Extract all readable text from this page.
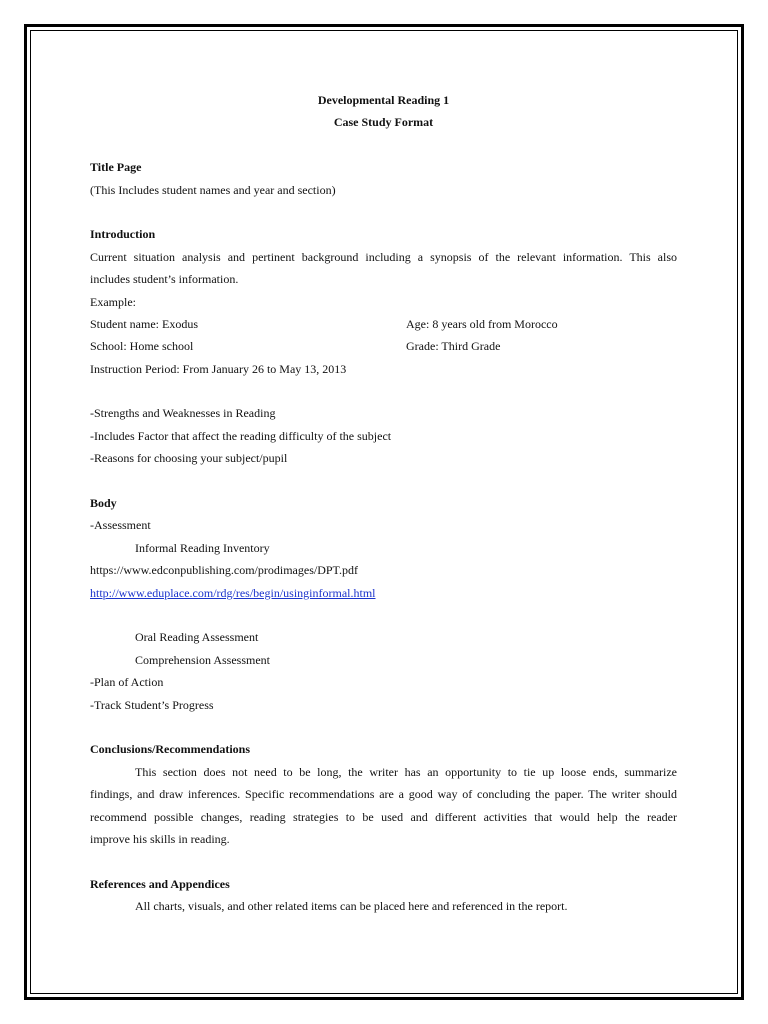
Developmental Reading 1
Case Study Format
Title Page
(This Includes student names and year and section)
Introduction
Current situation analysis and pertinent background including a synopsis of the relevant information. This also
includes student’s information.
Example:
Student name: Exodus	Age: 8 years old from Morocco
School: Home school	Grade: Third Grade
Instruction Period: From January 26 to May 13, 2013
-Strengths and Weaknesses in Reading
-Includes Factor that affect the reading difficulty of the subject
-Reasons for choosing your subject/pupil
Body
-Assessment
Informal Reading Inventory
https://www.edconpublishing.com/prodimages/DPT.pdf
http://www.eduplace.com/rdg/res/begin/usinginformal.html
Oral Reading Assessment
Comprehension Assessment
-Plan of Action
-Track Student’s Progress
Conclusions/Recommendations
This section does not need to be long, the writer has an opportunity to tie up loose ends, summarize
findings, and draw inferences. Specific recommendations are a good way of concluding the paper. The writer should
recommend possible changes, reading strategies to be used and different activities that would help the reader
improve his skills in reading.
References and Appendices
All charts, visuals, and other related items can be placed here and referenced in the report.
